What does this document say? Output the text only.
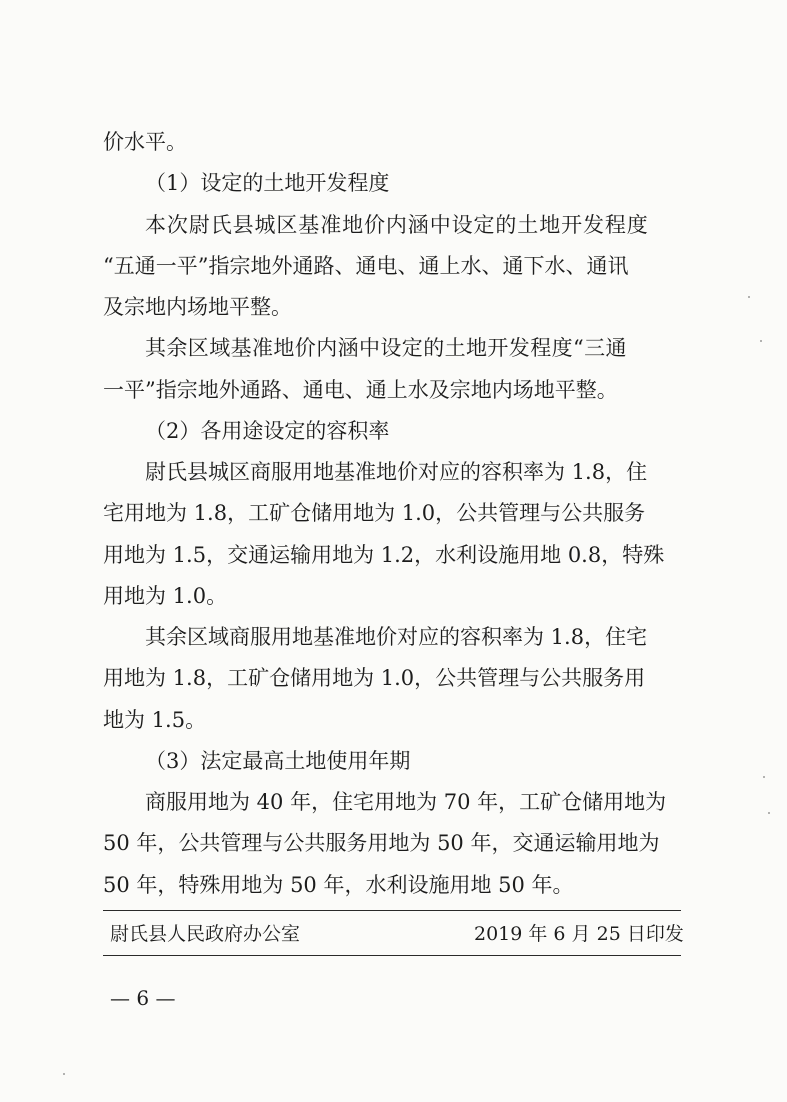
价水平。
（1）设定的土地开发程度
本次尉氏县城区基准地价内涵中设定的土地开发程度
“五通一平”指宗地外通路、通电、通上水、通下水、通讯
及宗地内场地平整。
其余区域基准地价内涵中设定的土地开发程度“三通
一平”指宗地外通路、通电、通上水及宗地内场地平整。
（2）各用途设定的容积率
尉氏县城区商服用地基准地价对应的容积率为 1.8，住
宅用地为 1.8，工矿仓储用地为 1.0，公共管理与公共服务
用地为 1.5，交通运输用地为 1.2，水利设施用地 0.8，特殊
用地为 1.0。
其余区域商服用地基准地价对应的容积率为 1.8，住宅
用地为 1.8，工矿仓储用地为 1.0，公共管理与公共服务用
地为 1.5。
（3）法定最高土地使用年期
商服用地为 40 年，住宅用地为 70 年，工矿仓储用地为
50 年，公共管理与公共服务用地为 50 年，交通运输用地为
50 年，特殊用地为 50 年，水利设施用地 50 年。
尉氏县人民政府办公室	2019 年 6 月 25 日印发
— 6 —
